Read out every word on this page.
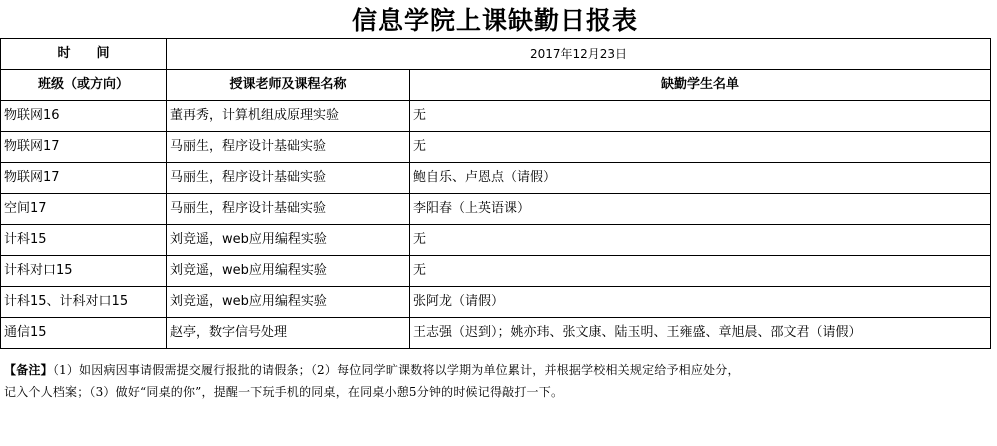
信息学院上课缺勤日报表
时　　间	2017年12月23日	
班级（或方向）	授课老师及课程名称	缺勤学生名单
物联网16	董再秀，计算机组成原理实验	无
物联网17	马丽生，程序设计基础实验	无
物联网17	马丽生，程序设计基础实验	鲍自乐、卢恩点（请假）
空间17	马丽生，程序设计基础实验	李阳春（上英语课）
计科15	刘竞遥，web应用编程实验	无
计科对口15	刘竞遥，web应用编程实验	无
计科15、计科对口15	刘竞遥，web应用编程实验	张阿龙（请假）
通信15	赵亭，数字信号处理	王志强（迟到）；姚亦玮、张文康、陆玉明、王雍盛、章旭晨、邵文君（请假）
【备注】（1）如因病因事请假需提交履行报批的请假条；（2）每位同学旷课数将以学期为单位累计，并根据学校相关规定给予相应处分，
记入个人档案；（3）做好“同桌的你”，提醒一下玩手机的同桌，在同桌小憩5分钟的时候记得敲打一下。
